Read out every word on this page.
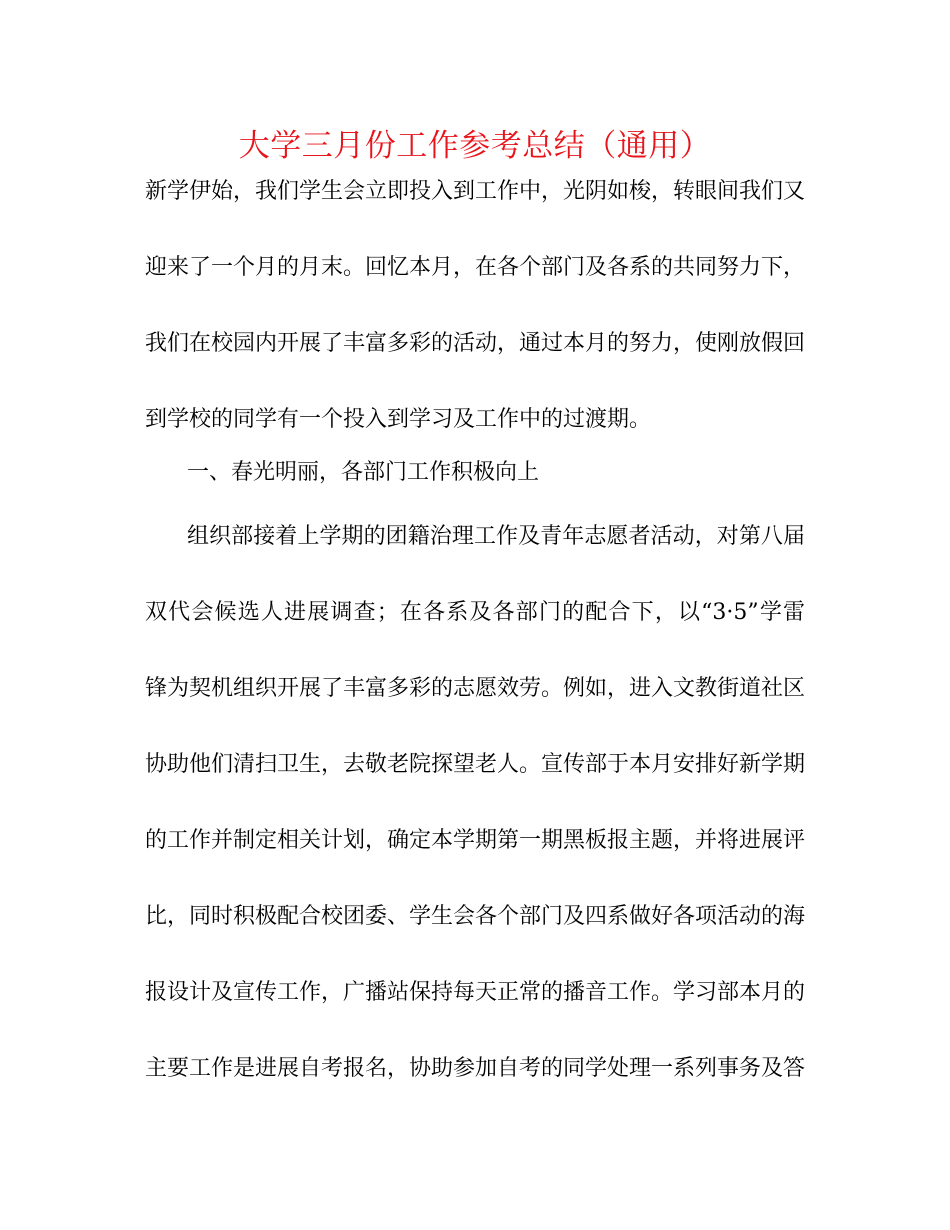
大学三月份工作参考总结（通用）
新学伊始，我们学生会立即投入到工作中，光阴如梭，转眼间我们又
迎来了一个月的月末。回忆本月，在各个部门及各系的共同努力下，
我们在校园内开展了丰富多彩的活动，通过本月的努力，使刚放假回
到学校的同学有一个投入到学习及工作中的过渡期。
一、春光明丽，各部门工作积极向上
组织部接着上学期的团籍治理工作及青年志愿者活动，对第八届
双代会候选人进展调查；在各系及各部门的配合下，以“3·5”学雷
锋为契机组织开展了丰富多彩的志愿效劳。例如，进入文教街道社区
协助他们清扫卫生，去敬老院探望老人。宣传部于本月安排好新学期
的工作并制定相关计划，确定本学期第一期黑板报主题，并将进展评
比，同时积极配合校团委、学生会各个部门及四系做好各项活动的海
报设计及宣传工作，广播站保持每天正常的播音工作。学习部本月的
主要工作是进展自考报名，协助参加自考的同学处理一系列事务及答
